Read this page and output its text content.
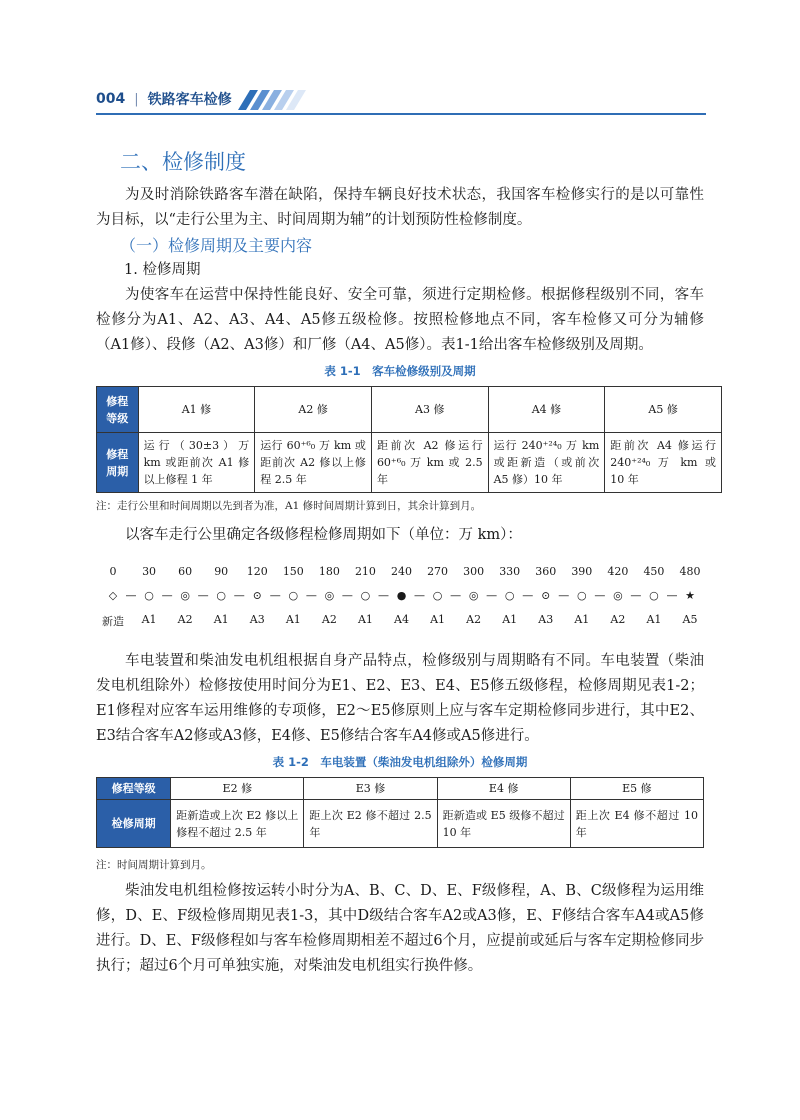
004 | 铁路客车检修
二、检修制度
为及时消除铁路客车潜在缺陷，保持车辆良好技术状态，我国客车检修实行的是以可靠性为目标，以“走行公里为主、时间周期为辅”的计划预防性检修制度。
（一）检修周期及主要内容
1. 检修周期
为使客车在运营中保持性能良好、安全可靠，须进行定期检修。根据修程级别不同，客车检修分为A1、A2、A3、A4、A5修五级检修。按照检修地点不同，客车检修又可分为辅修（A1修）、段修（A2、A3修）和厂修（A4、A5修）。表1-1给出客车检修级别及周期。
表 1-1　客车检修级别及周期
修程等级	A1 修	A2 修	A3 修	A4 修	A5 修
修程周期	运行（30±3）万 km 或距前次 A1 修以上修程 1 年	运行 60⁺⁶₀ 万 km 或距前次 A2 修以上修程 2.5 年	距前次 A2 修运行 60⁺⁶₀ 万 km 或 2.5 年	运行 240⁺²⁴₀ 万 km 或距新造（或前次 A5 修）10 年	距前次 A4 修运行 240⁺²⁴₀ 万 km 或 10 年
注：走行公里和时间周期以先到者为准，A1 修时间周期计算到日，其余计算到月。
以客车走行公里确定各级修程检修周期如下（单位：万 km）：
0
◇
新造
—
30
○
A1
—
60
◎
A2
—
90
○
A1
—
120
⊙
A3
—
150
○
A1
—
180
◎
A2
—
210
○
A1
—
240
●
A4
—
270
○
A1
—
300
◎
A2
—
330
○
A1
—
360
⊙
A3
—
390
○
A1
—
420
◎
A2
—
450
○
A1
—
480
★
A5
车电装置和柴油发电机组根据自身产品特点，检修级别与周期略有不同。车电装置（柴油发电机组除外）检修按使用时间分为E1、E2、E3、E4、E5修五级修程，检修周期见表1-2；E1修程对应客车运用维修的专项修，E2～E5修原则上应与客车定期检修同步进行，其中E2、E3结合客车A2修或A3修，E4修、E5修结合客车A4修或A5修进行。
表 1-2　车电装置（柴油发电机组除外）检修周期
修程等级	E2 修	E3 修	E4 修	E5 修
检修周期	距新造或上次 E2 修以上修程不超过 2.5 年	距上次 E2 修不超过 2.5 年	距新造或 E5 级修不超过 10 年	距上次 E4 修不超过 10 年
注：时间周期计算到月。
柴油发电机组检修按运转小时分为A、B、C、D、E、F级修程，A、B、C级修程为运用维修，D、E、F级检修周期见表1-3，其中D级结合客车A2或A3修，E、F修结合客车A4或A5修进行。D、E、F级修程如与客车检修周期相差不超过6个月，应提前或延后与客车定期检修同步执行；超过6个月可单独实施，对柴油发电机组实行换件修。
